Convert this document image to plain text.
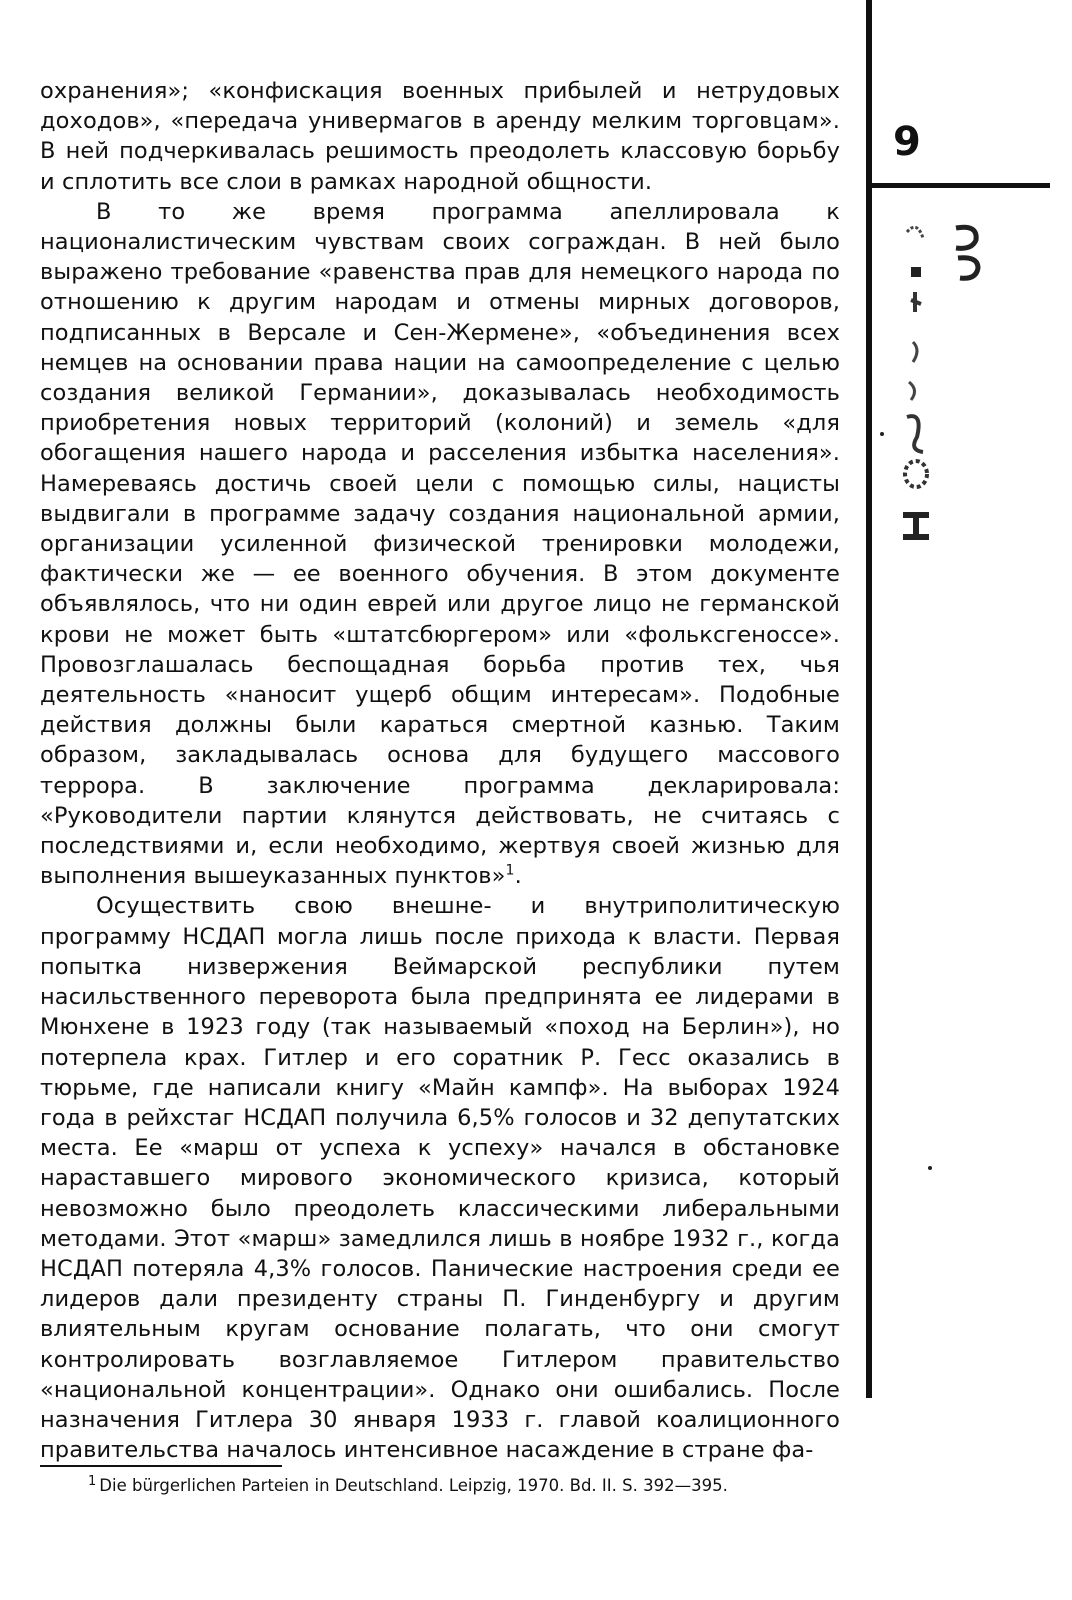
охранения»; «конфискация военных прибылей и нетрудовых доходов», «передача универмагов в аренду мелким торговцам». В ней подчеркивалась решимость преодолеть классовую борьбу и сплотить все слои в рамках народной общности.

В то же время программа апеллировала к националистическим чувствам своих сограждан. В ней было выражено требование «равенства прав для немецкого народа по отношению к другим народам и отмены мирных договоров, подписанных в Версале и Сен-Жермене», «объединения всех немцев на основании права нации на самоопределение с целью создания великой Германии», доказывалась необходимость приобретения новых территорий (колоний) и земель «для обогащения нашего народа и расселения избытка населения». Намереваясь достичь своей цели с помощью силы, нацисты выдвигали в программе задачу создания национальной армии, организации усиленной физической тренировки молодежи, фактически же — ее военного обучения. В этом документе объявлялось, что ни один еврей или другое лицо не германской крови не может быть «штатсбюргером» или «фольксгеноссе». Провозглашалась беспощадная борьба против тех, чья деятельность «наносит ущерб общим интересам». Подобные действия должны были караться смертной казнью. Таким образом, закладывалась основа для будущего массового террора. В заключение программа декларировала: «Руководители партии клянутся действовать, не считаясь с последствиями и, если необходимо, жертвуя своей жизнью для выполнения вышеуказанных пунктов»$^1$.

Осуществить свою внешне- и внутриполитическую программу НСДАП могла лишь после прихода к власти. Первая попытка низвержения Веймарской республики путем насильственного переворота была предпринята ее лидерами в Мюнхене в 1923 году (так называемый «поход на Берлин»), но потерпела крах. Гитлер и его соратник Р. Гесс оказались в тюрьме, где написали книгу «Майн кампф». На выборах 1924 года в рейхстаг НСДАП получила 6,5% голосов и 32 депутатских места. Ее «марш от успеха к успеху» начался в обстановке нараставшего мирового экономического кризиса, который невозможно было преодолеть классическими либеральными методами. Этот «марш» замедлился лишь в ноябре 1932 г., когда НСДАП потеряла 4,3% голосов. Панические настроения среди ее лидеров дали президенту страны П. Гинденбургу и другим влиятельным кругам основание полагать, что они смогут контролировать возглавляемое Гитлером правительство «национальной концентрации». Однако они ошибались. После назначения Гитлера 30 января 1933 г. главой коалиционного правительства началось интенсивное насаждение в стране фа-

$^1$ Die bürgerlichen Parteien in Deutschland. Leipzig, 1970. Bd. II. S. 392—395.
9
